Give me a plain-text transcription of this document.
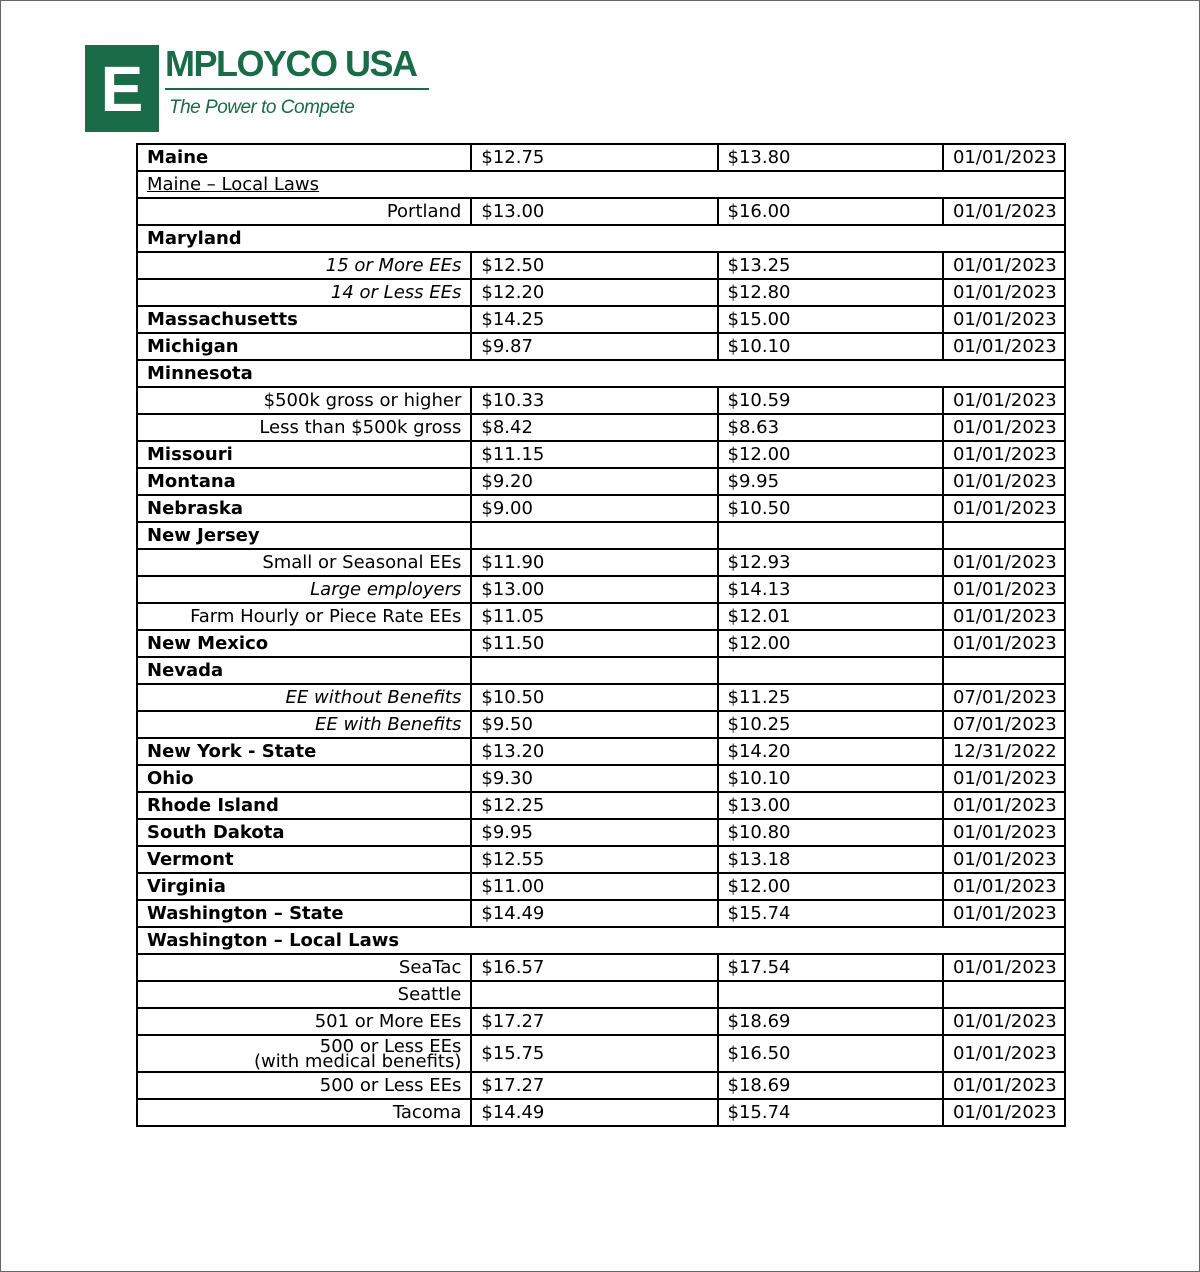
E MPLOYCO USA
The Power to Compete
Maine	$12.75	$13.80	01/01/2023
Maine – Local Laws			
Portland	$13.00	$16.00	01/01/2023
Maryland			
15 or More EEs	$12.50	$13.25	01/01/2023
14 or Less EEs	$12.20	$12.80	01/01/2023
Massachusetts	$14.25	$15.00	01/01/2023
Michigan	$9.87	$10.10	01/01/2023
Minnesota			
$500k gross or higher	$10.33	$10.59	01/01/2023
Less than $500k gross	$8.42	$8.63	01/01/2023
Missouri	$11.15	$12.00	01/01/2023
Montana	$9.20	$9.95	01/01/2023
Nebraska	$9.00	$10.50	01/01/2023
New Jersey			
Small or Seasonal EEs	$11.90	$12.93	01/01/2023
Large employers	$13.00	$14.13	01/01/2023
Farm Hourly or Piece Rate EEs	$11.05	$12.01	01/01/2023
New Mexico	$11.50	$12.00	01/01/2023
Nevada			
EE without Benefits	$10.50	$11.25	07/01/2023
EE with Benefits	$9.50	$10.25	07/01/2023
New York - State	$13.20	$14.20	12/31/2022
Ohio	$9.30	$10.10	01/01/2023
Rhode Island	$12.25	$13.00	01/01/2023
South Dakota	$9.95	$10.80	01/01/2023
Vermont	$12.55	$13.18	01/01/2023
Virginia	$11.00	$12.00	01/01/2023
Washington – State	$14.49	$15.74	01/01/2023
Washington – Local Laws			
SeaTac	$16.57	$17.54	01/01/2023
Seattle			
501 or More EEs	$17.27	$18.69	01/01/2023

500 or Less EEs
(with medical benefits)	$15.75	$16.50	01/01/2023
500 or Less EEs	$17.27	$18.69	01/01/2023
Tacoma	$14.49	$15.74	01/01/2023
